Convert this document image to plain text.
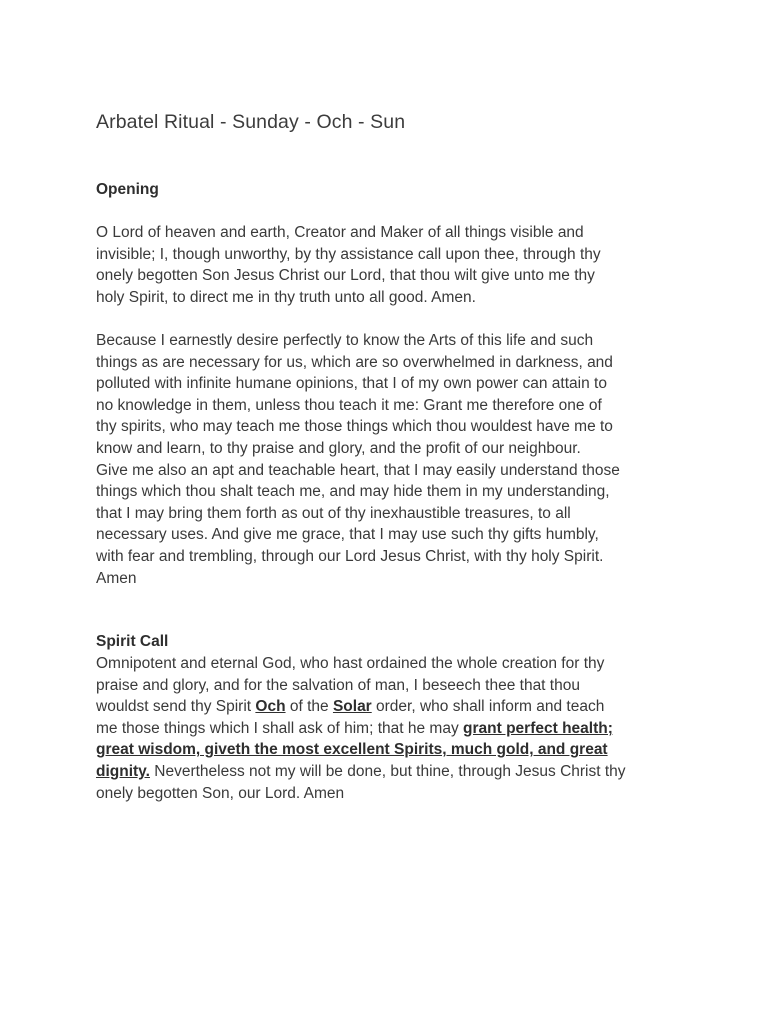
Arbatel Ritual - Sunday - Och - Sun
Opening

O Lord of heaven and earth, Creator and Maker of all things visible and
invisible; I, though unworthy, by thy assistance call upon thee, through thy
onely begotten Son Jesus Christ our Lord, that thou wilt give unto me thy
holy Spirit, to direct me in thy truth unto all good. Amen.

Because I earnestly desire perfectly to know the Arts of this life and such
things as are necessary for us, which are so overwhelmed in darkness, and
polluted with infinite humane opinions, that I of my own power can attain to
no knowledge in them, unless thou teach it me: Grant me therefore one of
thy spirits, who may teach me those things which thou wouldest have me to
know and learn, to thy praise and glory, and the profit of our neighbour.
Give me also an apt and teachable heart, that I may easily understand those
things which thou shalt teach me, and may hide them in my understanding,
that I may bring them forth as out of thy inexhaustible treasures, to all
necessary uses. And give me grace, that I may use such thy gifts humbly,
with fear and trembling, through our Lord Jesus Christ, with thy holy Spirit.
Amen

Spirit Call

Omnipotent and eternal God, who hast ordained the whole creation for thy
praise and glory, and for the salvation of man, I beseech thee that thou
wouldst send thy Spirit Och of the Solar order, who shall inform and teach
me those things which I shall ask of him; that he may grant perfect health;
great wisdom, giveth the most excellent Spirits, much gold, and great
dignity. Nevertheless not my will be done, but thine, through Jesus Christ thy
onely begotten Son, our Lord. Amen
